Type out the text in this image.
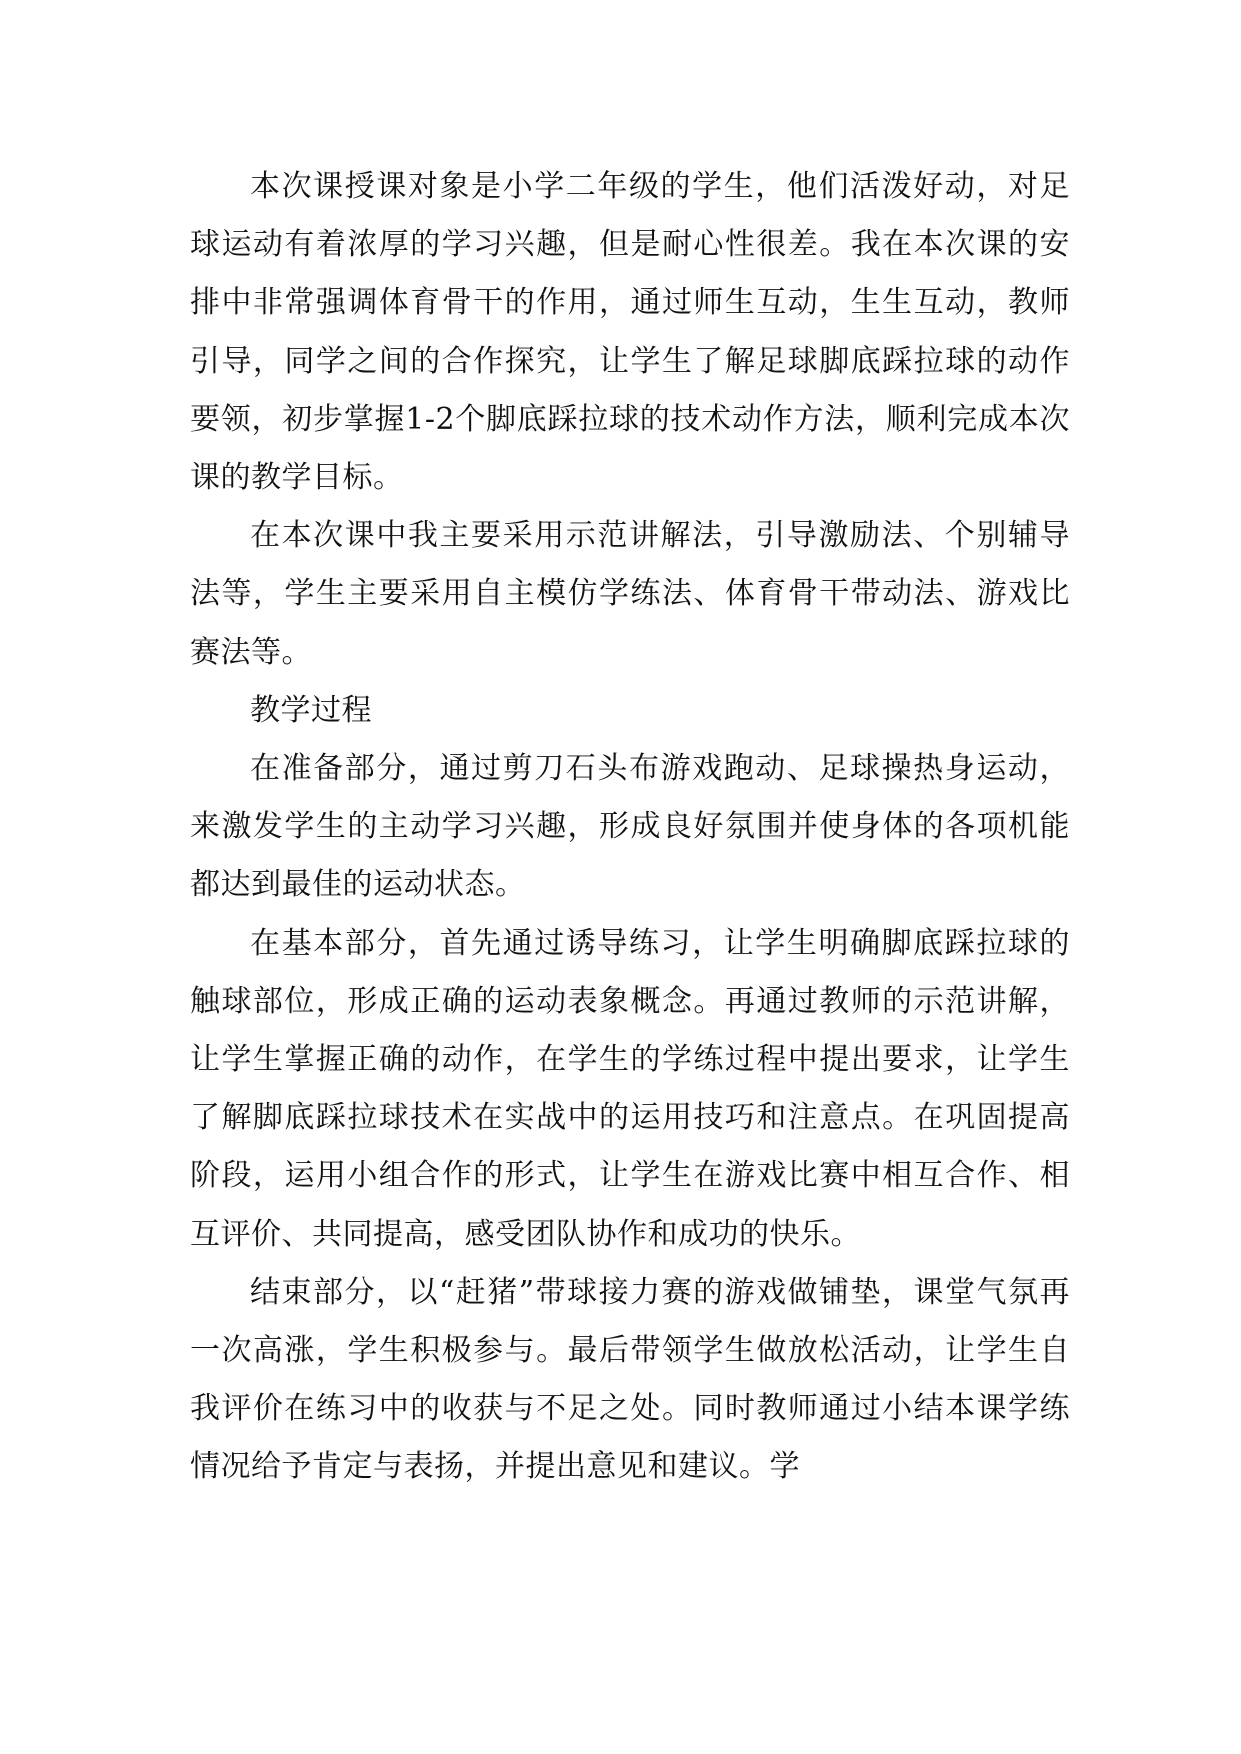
本次课授课对象是小学二年级的学生，他们活泼好动，对足球运动有着浓厚的学习兴趣，但是耐心性很差。我在本次课的安排中非常强调体育骨干的作用，通过师生互动，生生互动，教师引导，同学之间的合作探究，让学生了解足球脚底踩拉球的动作要领，初步掌握1-2个脚底踩拉球的技术动作方法，顺利完成本次课的教学目标。

在本次课中我主要采用示范讲解法，引导激励法、个别辅导法等，学生主要采用自主模仿学练法、体育骨干带动法、游戏比赛法等。

教学过程

在准备部分，通过剪刀石头布游戏跑动、足球操热身运动，来激发学生的主动学习兴趣，形成良好氛围并使身体的各项机能都达到最佳的运动状态。

在基本部分，首先通过诱导练习，让学生明确脚底踩拉球的触球部位，形成正确的运动表象概念。再通过教师的示范讲解，让学生掌握正确的动作，在学生的学练过程中提出要求，让学生了解脚底踩拉球技术在实战中的运用技巧和注意点。在巩固提高阶段，运用小组合作的形式，让学生在游戏比赛中相互合作、相互评价、共同提高，感受团队协作和成功的快乐。

结束部分，以“赶猪”带球接力赛的游戏做铺垫，课堂气氛再一次高涨，学生积极参与。最后带领学生做放松活动，让学生自我评价在练习中的收获与不足之处。同时教师通过小结本课学练情况给予肯定与表扬，并提出意见和建议。学
